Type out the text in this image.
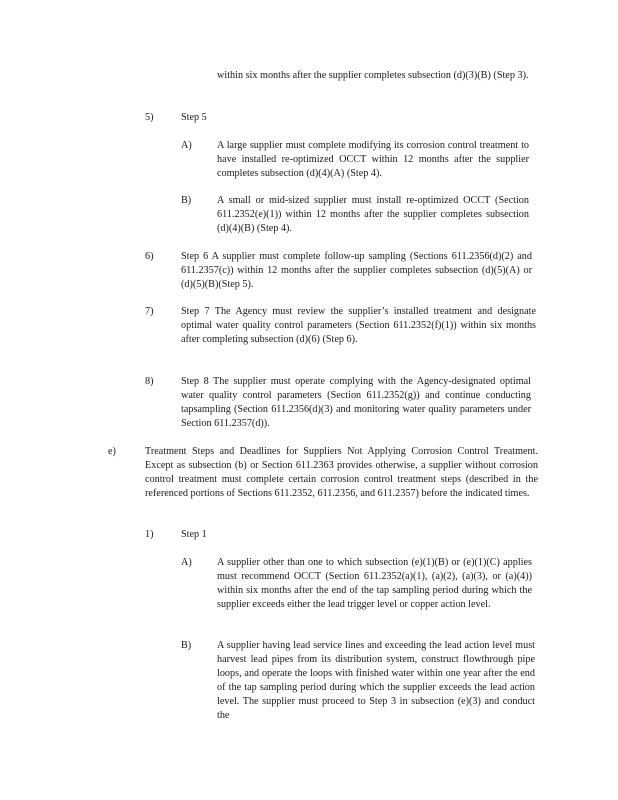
within six months after the supplier completes subsection (d)(3)(B) (Step 3).

5)	Step 5
A) A large supplier must complete modifying its corrosion control treatment to have installed re-optimized OCCT within 12 months after the supplier completes subsection (d)(4)(A) (Step 4).

B)	A small or mid-sized supplier must install re-optimized OCCT (Section 611.2352(e)(1)) within 12 months after the supplier completes subsection (d)(4)(B) (Step 4).

6)	Step 6 A supplier must complete follow-up sampling (Sections 611.2356(d)(2) and 611.2357(c)) within 12 months after the supplier completes subsection (d)(5)(A) or (d)(5)(B)(Step 5).

7)	Step 7 The Agency must review the supplier’s installed treatment and designate optimal water quality control parameters (Section 611.2352(f)(1)) within six months after completing subsection (d)(6) (Step 6).

8)	Step 8 The supplier must operate complying with the Agency-designated optimal water quality control parameters (Section 611.2352(g)) and continue conducting tapsampling (Section 611.2356(d)(3) and monitoring water quality parameters under Section 611.2357(d)).

e)	Treatment Steps and Deadlines for Suppliers Not Applying Corrosion Control Treatment. Except as subsection (b) or Section 611.2363 provides otherwise, a supplier without corrosion control treatment must complete certain corrosion control treatment steps (described in the referenced portions of Sections 611.2352, 611.2356, and 611.2357) before the indicated times.

1)	Step 1
A) A supplier other than one to which subsection (e)(1)(B) or (e)(1)(C) applies must recommend OCCT (Section 611.2352(a)(1), (a)(2), (a)(3), or (a)(4)) within six months after the end of the tap sampling period during which the supplier exceeds either the lead trigger level or copper action level.

B)	A supplier having lead service lines and exceeding the lead action level must harvest lead pipes from its distribution system, construct flowthrough pipe loops, and operate the loops with finished water within one year after the end of the tap sampling period during which the supplier exceeds the lead action level. The supplier must proceed to Step 3 in subsection (e)(3) and conduct the
